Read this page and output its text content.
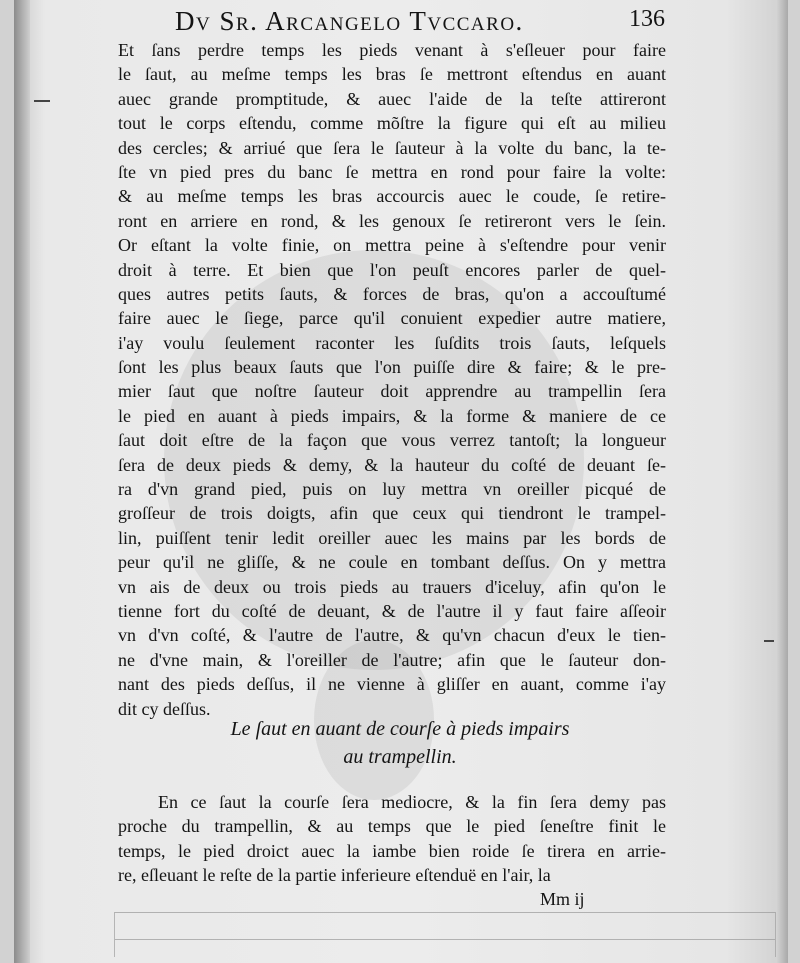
Dv Sr. Arcangelo Tvccaro.	136
Et ſans perdre temps les pieds venant à s'eſleuer pour faire
le ſaut, au meſme temps les bras ſe mettront eſtendus en auant
auec grande promptitude, & auec l'aide de la teſte attireront
tout le corps eſtendu, comme mõſtre la figure qui eſt au milieu
des cercles; & arriué que ſera le ſauteur à la volte du banc, la te-
ſte vn pied pres du banc ſe mettra en rond pour faire la volte:
& au meſme temps les bras accourcis auec le coude, ſe retire-
ront en arriere en rond, & les genoux ſe retireront vers le ſein.
Or eſtant la volte finie, on mettra peine à s'eſtendre pour venir
droit à terre. Et bien que l'on peuſt encores parler de quel-
ques autres petits ſauts, & forces de bras, qu'on a accouſtumé
faire auec le ſiege, parce qu'il conuient expedier autre matiere,
i'ay voulu ſeulement raconter les ſuſdits trois ſauts, leſquels
ſont les plus beaux ſauts que l'on puiſſe dire & faire; & le pre-
mier ſaut que noſtre ſauteur doit apprendre au trampellin ſera
le pied en auant à pieds impairs, & la forme & maniere de ce
ſaut doit eſtre de la façon que vous verrez tantoſt; la longueur
ſera de deux pieds & demy, & la hauteur du coſté de deuant ſe-
ra d'vn grand pied, puis on luy mettra vn oreiller picqué de
groſſeur de trois doigts, afin que ceux qui tiendront le trampel-
lin, puiſſent tenir ledit oreiller auec les mains par les bords de
peur qu'il ne gliſſe, & ne coule en tombant deſſus. On y mettra
vn ais de deux ou trois pieds au trauers d'iceluy, afin qu'on le
tienne fort du coſté de deuant, & de l'autre il y faut faire aſſeoir
vn d'vn coſté, & l'autre de l'autre, & qu'vn chacun d'eux le tien-
ne d'vne main, & l'oreiller de l'autre; afin que le ſauteur don-
nant des pieds deſſus, il ne vienne à gliſſer en auant, comme i'ay
dit cy deſſus.
Le ſaut en auant de courſe à pieds impairs
au trampellin.
En ce ſaut la courſe ſera mediocre, & la fin ſera demy pas
proche du trampellin, & au temps que le pied ſeneſtre finit le
temps, le pied droict auec la iambe bien roide ſe tirera en arrie-
re, eſleuant le reſte de la partie inferieure eſtenduë en l'air, la
Mm ij
